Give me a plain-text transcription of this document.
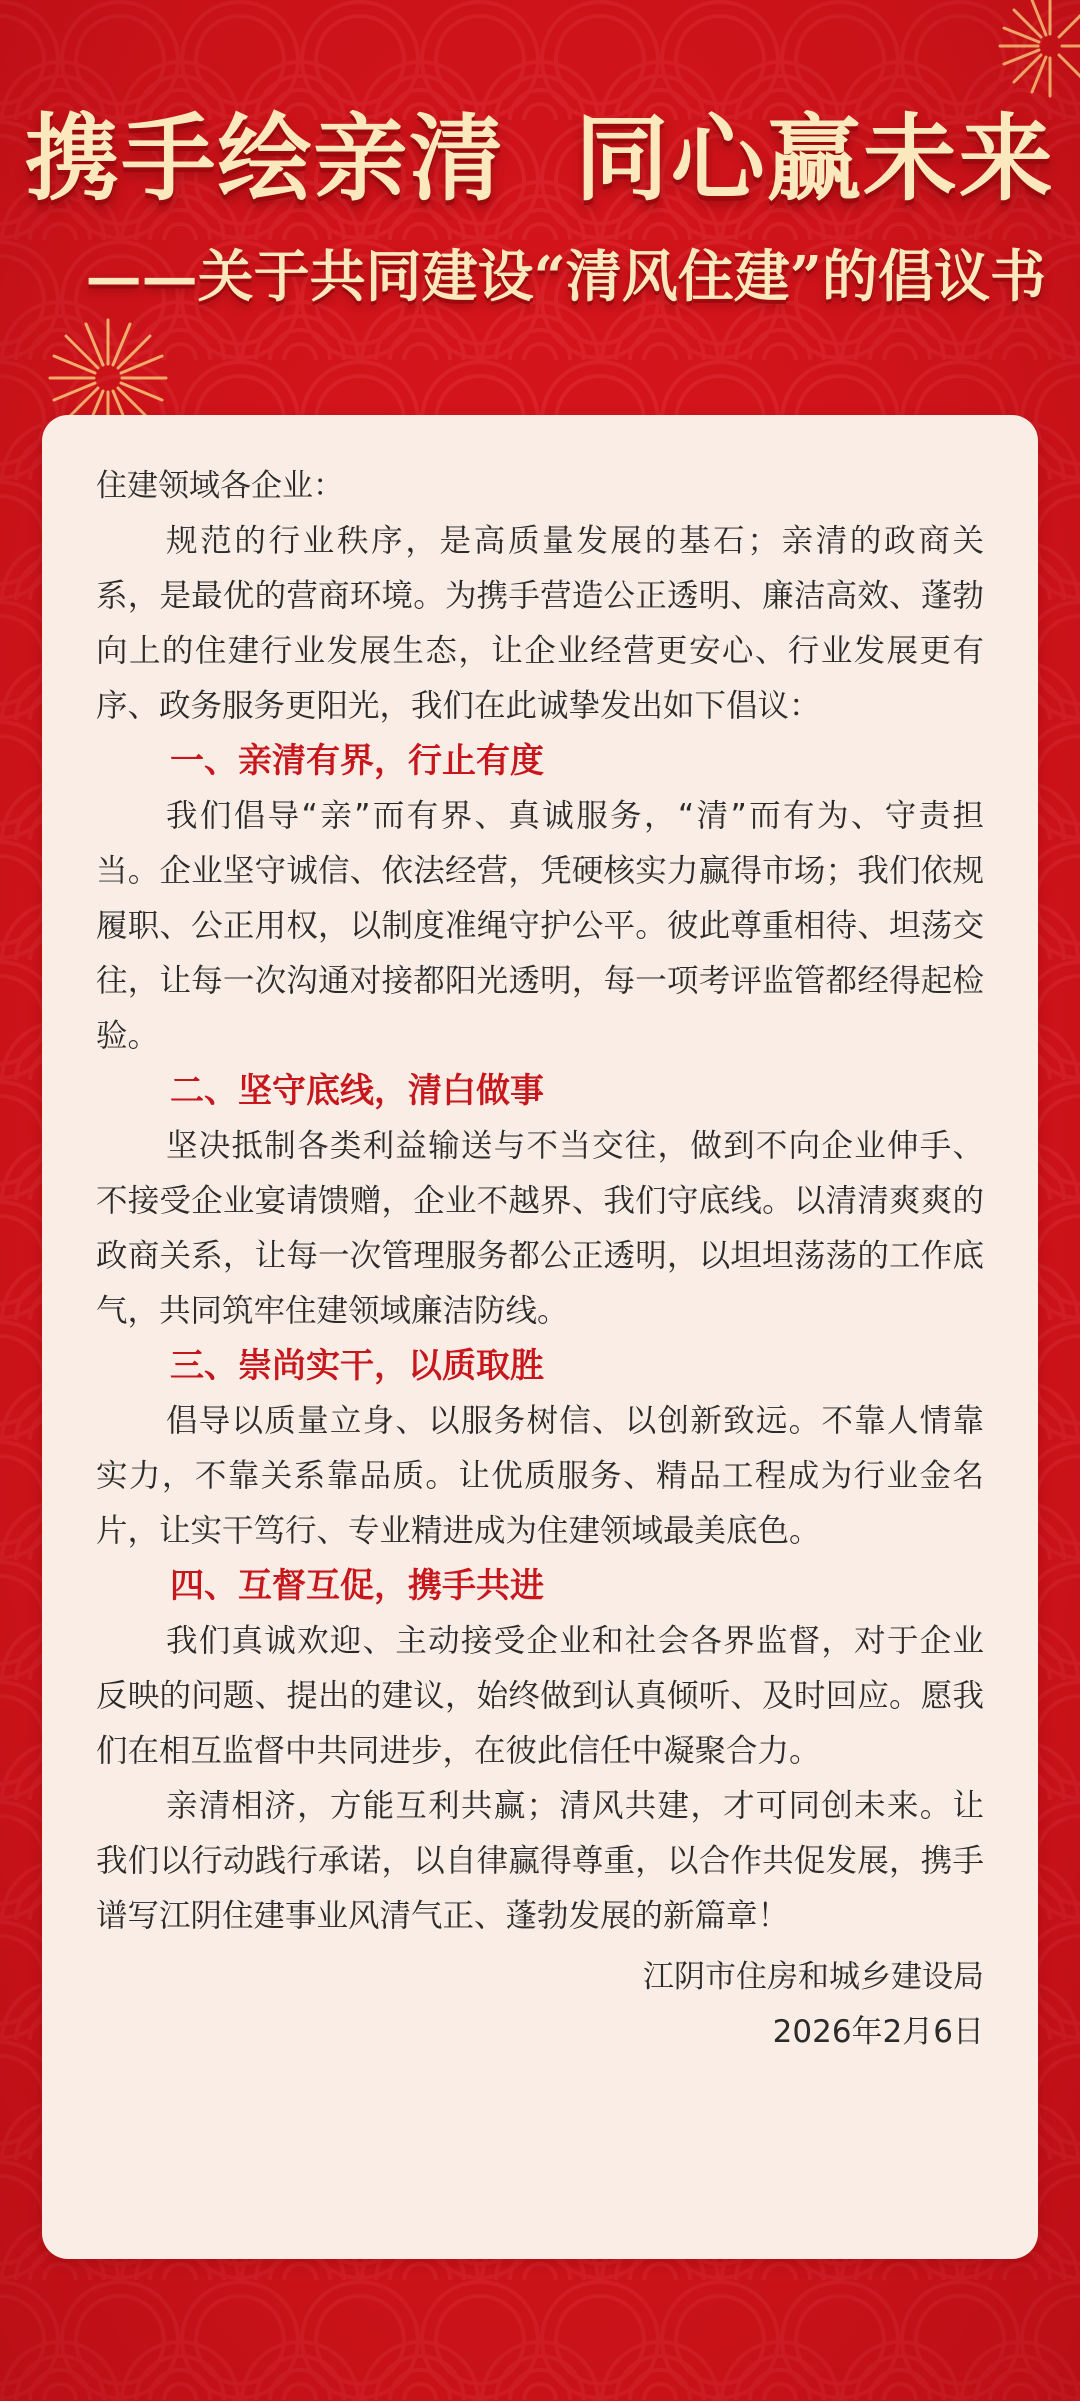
携手绘亲清  同心赢未来
——关于共同建设“清风住建”的倡议书
住建领域各企业：
规范的行业秩序，是高质量发展的基石；亲清的政商关系，是最优的营商环境。为携手营造公正透明、廉洁高效、蓬勃向上的住建行业发展生态，让企业经营更安心、行业发展更有序、政务服务更阳光，我们在此诚挚发出如下倡议：
一、亲清有界，行止有度
我们倡导“亲”而有界、真诚服务，“清”而有为、守责担当。企业坚守诚信、依法经营，凭硬核实力赢得市场；我们依规履职、公正用权，以制度准绳守护公平。彼此尊重相待、坦荡交往，让每一次沟通对接都阳光透明，每一项考评监管都经得起检验。
二、坚守底线，清白做事
坚决抵制各类利益输送与不当交往，做到不向企业伸手、不接受企业宴请馈赠，企业不越界、我们守底线。以清清爽爽的政商关系，让每一次管理服务都公正透明，以坦坦荡荡的工作底气，共同筑牢住建领域廉洁防线。
三、崇尚实干，以质取胜
倡导以质量立身、以服务树信、以创新致远。不靠人情靠实力，不靠关系靠品质。让优质服务、精品工程成为行业金名片，让实干笃行、专业精进成为住建领域最美底色。
四、互督互促，携手共进
我们真诚欢迎、主动接受企业和社会各界监督，对于企业反映的问题、提出的建议，始终做到认真倾听、及时回应。愿我们在相互监督中共同进步，在彼此信任中凝聚合力。
亲清相济，方能互利共赢；清风共建，才可同创未来。让我们以行动践行承诺，以自律赢得尊重，以合作共促发展，携手谱写江阴住建事业风清气正、蓬勃发展的新篇章！
江阴市住房和城乡建设局
2026年2月6日
